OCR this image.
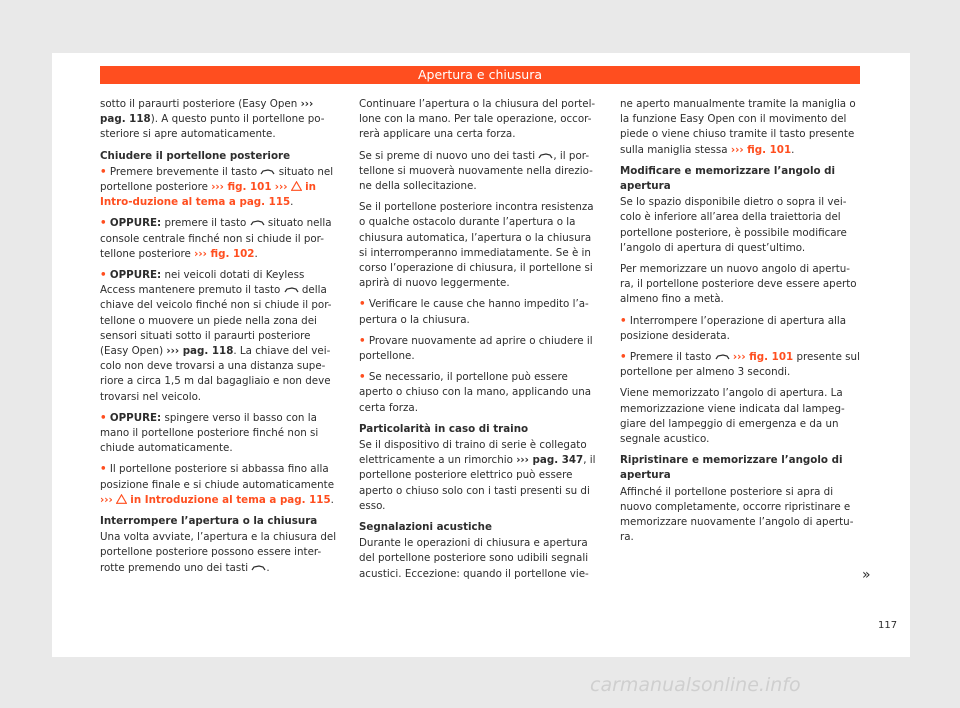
Apertura e chiusura

sotto il paraurti posteriore (Easy Open ››› pag. 118). A questo punto il portellone po-steriore si apre automaticamente.

Chiudere il portellone posteriore

• Premere brevemente il tasto situato nel portellone posteriore ››› fig. 101 ››› in Intro-duzione al tema a pag. 115.

• OPPURE: premere il tasto situato nella console centrale finché non si chiude il por-tellone posteriore ››› fig. 102.

• OPPURE: nei veicoli dotati di Keyless Access mantenere premuto il tasto della chiave del veicolo finché non si chiude il por-tellone o muovere un piede nella zona dei sensori situati sotto il paraurti posteriore (Easy Open) ››› pag. 118. La chiave del vei-colo non deve trovarsi a una distanza supe-riore a circa 1,5 m dal bagagliaio e non deve trovarsi nel veicolo.

• OPPURE: spingere verso il basso con la mano il portellone posteriore finché non si chiude automaticamente.

• Il portellone posteriore si abbassa fino alla posizione finale e si chiude automaticamente ››› in Introduzione al tema a pag. 115.

Interrompere l’apertura o la chiusura

Una volta avviate, l’apertura e la chiusura del portellone posteriore possono essere inter-rotte premendo uno dei tasti .

Continuare l’apertura o la chiusura del portel-lone con la mano. Per tale operazione, occor-rerà applicare una certa forza.

Se si preme di nuovo uno dei tasti , il por-tellone si muoverà nuovamente nella direzio-ne della sollecitazione.

Se il portellone posteriore incontra resistenza o qualche ostacolo durante l’apertura o la chiusura automatica, l’apertura o la chiusura si interromperanno immediatamente. Se è in corso l’operazione di chiusura, il portellone si aprirà di nuovo leggermente.

• Verificare le cause che hanno impedito l’a-pertura o la chiusura.

• Provare nuovamente ad aprire o chiudere il portellone.

• Se necessario, il portellone può essere aperto o chiuso con la mano, applicando una certa forza.

Particolarità in caso di traino

Se il dispositivo di traino di serie è collegato elettricamente a un rimorchio ››› pag. 347, il portellone posteriore elettrico può essere aperto o chiuso solo con i tasti presenti su di esso.

Segnalazioni acustiche

Durante le operazioni di chiusura e apertura del portellone posteriore sono udibili segnali acustici. Eccezione: quando il portellone vie-

ne aperto manualmente tramite la maniglia o la funzione Easy Open con il movimento del piede o viene chiuso tramite il tasto presente sulla maniglia stessa ››› fig. 101.

Modificare e memorizzare l’angolo di apertura

Se lo spazio disponibile dietro o sopra il vei-colo è inferiore all’area della traiettoria del portellone posteriore, è possibile modificare l’angolo di apertura di quest’ultimo.

Per memorizzare un nuovo angolo di apertu-ra, il portellone posteriore deve essere aperto almeno fino a metà.

• Interrompere l’operazione di apertura alla posizione desiderata.

• Premere il tasto ››› fig. 101 presente sul portellone per almeno 3 secondi.

Viene memorizzato l’angolo di apertura. La memorizzazione viene indicata dal lampeg-giare del lampeggio di emergenza e da un segnale acustico.

Ripristinare e memorizzare l’angolo di apertura

Affinché il portellone posteriore si apra di nuovo completamente, occorre ripristinare e memorizzare nuovamente l’angolo di apertu-ra.

»
117
carmanualsonline.info
